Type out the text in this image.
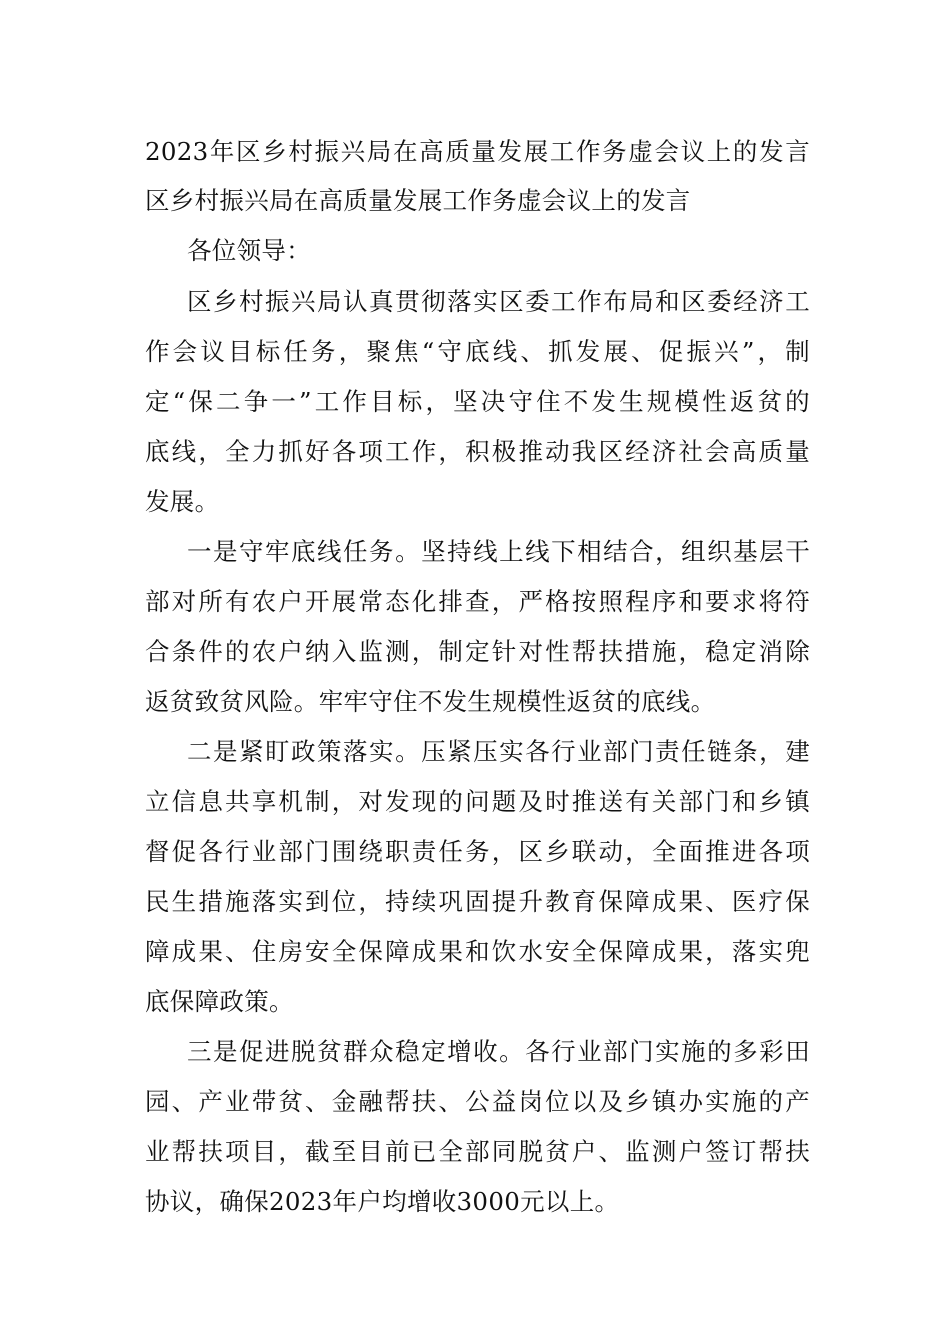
2023年区乡村振兴局在高质量发展工作务虚会议上的发言
区乡村振兴局在高质量发展工作务虚会议上的发言
各位领导：
区乡村振兴局认真贯彻落实区委工作布局和区委经济工
作会议目标任务，聚焦“守底线、抓发展、促振兴”，制
定“保二争一”工作目标，坚决守住不发生规模性返贫的
底线，全力抓好各项工作，积极推动我区经济社会高质量
发展。
一是守牢底线任务。坚持线上线下相结合，组织基层干
部对所有农户开展常态化排查，严格按照程序和要求将符
合条件的农户纳入监测，制定针对性帮扶措施，稳定消除
返贫致贫风险。牢牢守住不发生规模性返贫的底线。
二是紧盯政策落实。压紧压实各行业部门责任链条，建
立信息共享机制，对发现的问题及时推送有关部门和乡镇
督促各行业部门围绕职责任务，区乡联动，全面推进各项
民生措施落实到位，持续巩固提升教育保障成果、医疗保
障成果、住房安全保障成果和饮水安全保障成果，落实兜
底保障政策。
三是促进脱贫群众稳定增收。各行业部门实施的多彩田
园、产业带贫、金融帮扶、公益岗位以及乡镇办实施的产
业帮扶项目，截至目前已全部同脱贫户、监测户签订帮扶
协议，确保2023年户均增收3000元以上。
